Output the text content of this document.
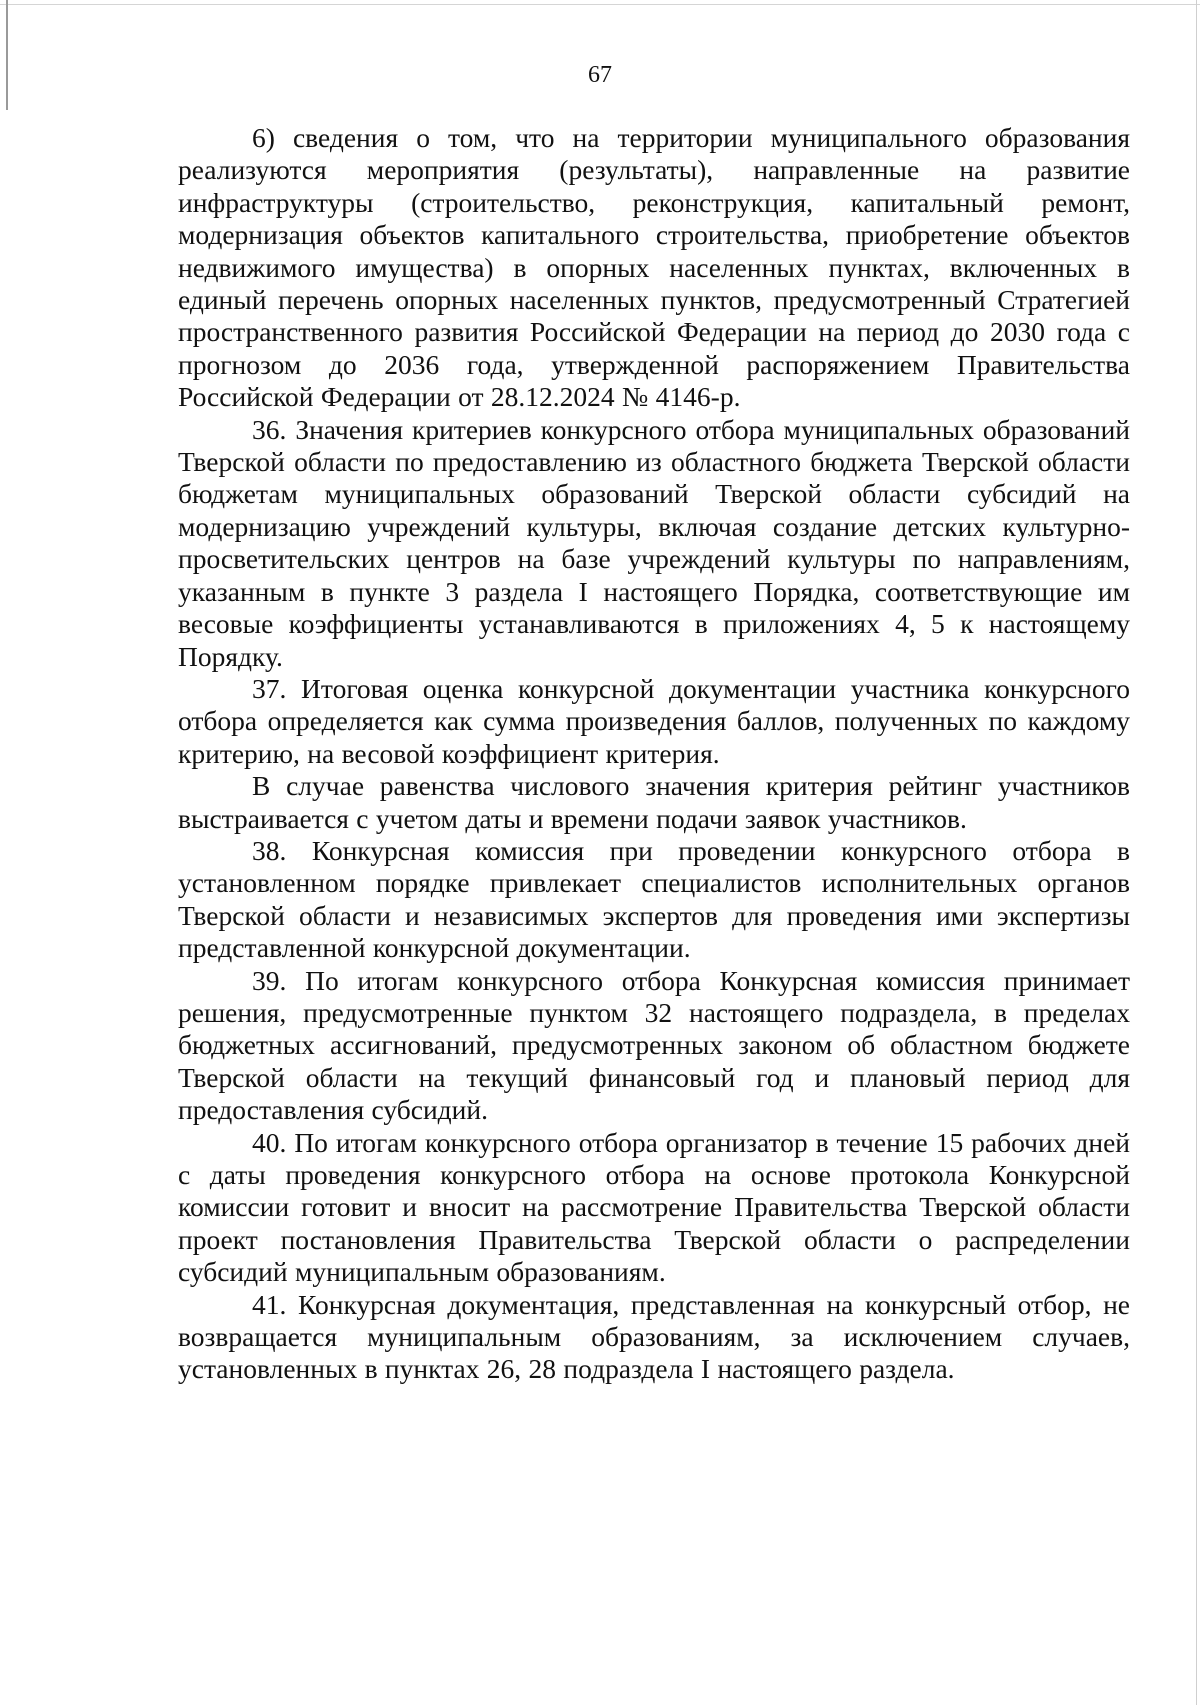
67

6) сведения о том, что на территории муниципального образования реализуются мероприятия (результаты), направленные на развитие инфраструктуры (строительство, реконструкция, капитальный ремонт, модернизация объектов капитального строительства, приобретение объектов недвижимого имущества) в опорных населенных пунктах, включенных в единый перечень опорных населенных пунктов, предусмотренный Стратегией пространственного развития Российской Федерации на период до 2030 года с прогнозом до 2036 года, утвержденной распоряжением Правительства Российской Федерации от 28.12.2024 № 4146-р.

36. Значения критериев конкурсного отбора муниципальных образований Тверской области по предоставлению из областного бюджета Тверской области бюджетам муниципальных образований Тверской области субсидий на модернизацию учреждений культуры, включая создание детских культурно-просветительских центров на базе учреждений культуры по направлениям, указанным в пункте 3 раздела I настоящего Порядка, соответствующие им весовые коэффициенты устанавливаются в приложениях 4, 5 к настоящему Порядку.

37. Итоговая оценка конкурсной документации участника конкурсного отбора определяется как сумма произведения баллов, полученных по каждому критерию, на весовой коэффициент критерия.

В случае равенства числового значения критерия рейтинг участников выстраивается с учетом даты и времени подачи заявок участников.

38. Конкурсная комиссия при проведении конкурсного отбора в установленном порядке привлекает специалистов исполнительных органов Тверской области и независимых экспертов для проведения ими экспертизы представленной конкурсной документации.

39. По итогам конкурсного отбора Конкурсная комиссия принимает решения, предусмотренные пунктом 32 настоящего подраздела, в пределах бюджетных ассигнований, предусмотренных законом об областном бюджете Тверской области на текущий финансовый год и плановый период для предоставления субсидий.

40. По итогам конкурсного отбора организатор в течение 15 рабочих дней с даты проведения конкурсного отбора на основе протокола Конкурсной комиссии готовит и вносит на рассмотрение Правительства Тверской области проект постановления Правительства Тверской области о распределении субсидий муниципальным образованиям.

41. Конкурсная документация, представленная на конкурсный отбор, не возвращается муниципальным образованиям, за исключением случаев, установленных в пунктах 26, 28 подраздела I настоящего раздела.
